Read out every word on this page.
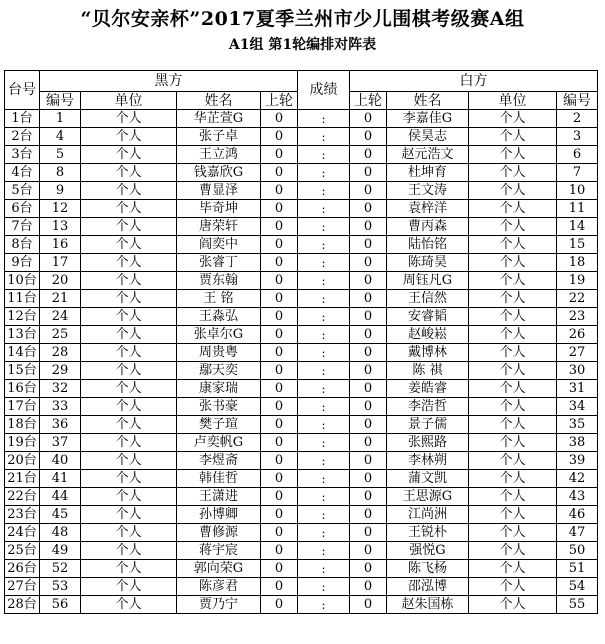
“贝尔安亲杯”2017夏季兰州市少儿围棋考级赛A组
A1组 第1轮编排对阵表
台号	黑方				成绩	白方			
	编号	单位	姓名	上轮		上轮	姓名	单位	编号
1台	1	个人	华芷萱G	0	:	0	李嘉佳G	个人	2
2台	4	个人	张子卓	0	:	0	侯昊志	个人	3
3台	5	个人	王立鸿	0	:	0	赵元浩文	个人	6
4台	8	个人	钱嘉欣G	0	:	0	杜坤育	个人	7
5台	9	个人	曹显泽	0	:	0	王文涛	个人	10
6台	12	个人	毕奇坤	0	:	0	袁梓洋	个人	11
7台	13	个人	唐荣轩	0	:	0	曹丙森	个人	14
8台	16	个人	阎奕中	0	:	0	陆怡铭	个人	15
9台	17	个人	张睿丁	0	:	0	陈琦昊	个人	18
10台	20	个人	贾东翰	0	:	0	周钰凡G	个人	19
11台	21	个人	王 铭	0	:	0	王信然	个人	22
12台	24	个人	王淼弘	0	:	0	安睿韬	个人	23
13台	25	个人	张卓尔G	0	:	0	赵峻崧	个人	26
14台	28	个人	周贵粤	0	:	0	戴博林	个人	27
15台	29	个人	鄢天奕	0	:	0	陈 祺	个人	30
16台	32	个人	康家瑞	0	:	0	姜皓睿	个人	31
17台	33	个人	张书豪	0	:	0	李浩哲	个人	34
18台	36	个人	樊子瑄	0	:	0	景子儒	个人	35
19台	37	个人	卢奕帆G	0	:	0	张熙路	个人	38
20台	40	个人	李煜斋	0	:	0	李林朔	个人	39
21台	41	个人	韩佳哲	0	:	0	蒲文凯	个人	42
22台	44	个人	王潇进	0	:	0	王思源G	个人	43
23台	45	个人	孙博卿	0	:	0	江尚洲	个人	46
24台	48	个人	曹修源	0	:	0	王锐朴	个人	47
25台	49	个人	蒋宇宸	0	:	0	强悦G	个人	50
26台	52	个人	郭向荣G	0	:	0	陈飞杨	个人	51
27台	53	个人	陈彦君	0	:	0	邵泓博	个人	54
28台	56	个人	贾乃宁	0	:	0	赵朱国栋	个人	55
